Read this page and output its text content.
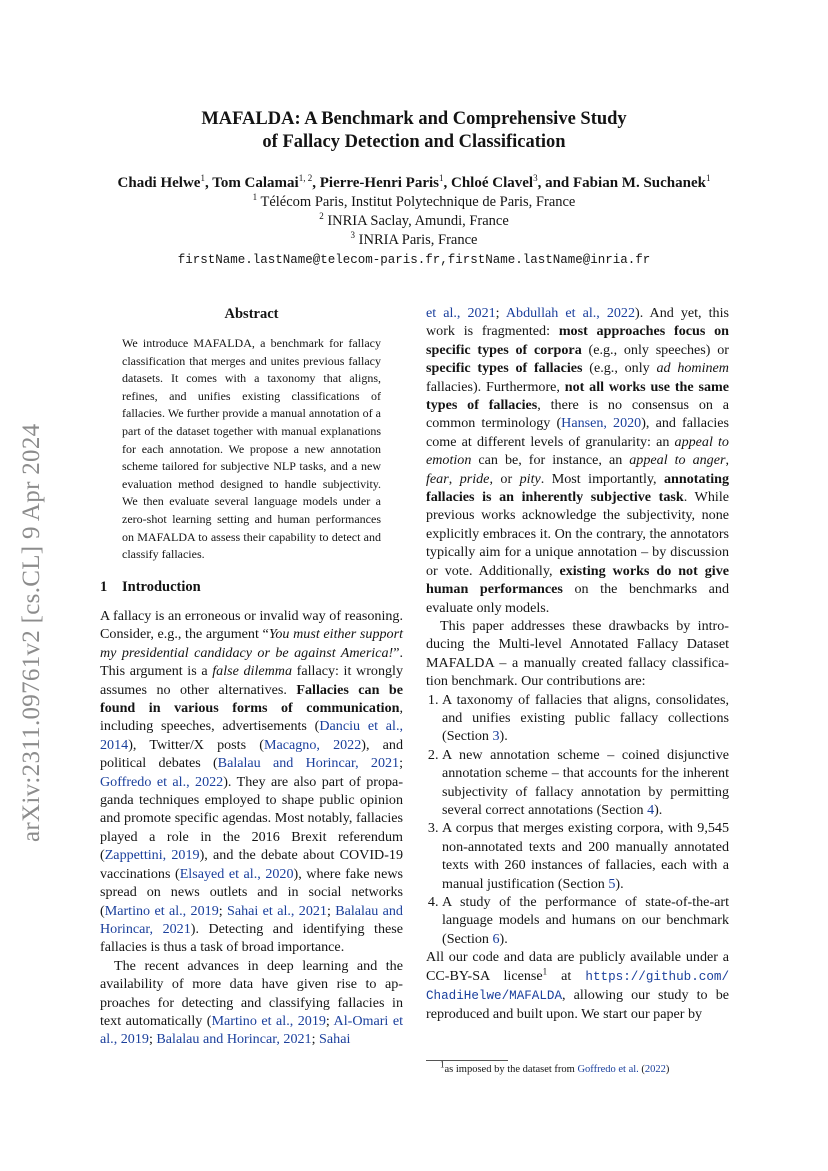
arXiv:2311.09761v2 [cs.CL] 9 Apr 2024
MAFALDA: A Benchmark and Comprehensive Study
of Fallacy Detection and Classification
Chadi Helwe$^1$, Tom Calamai$^{1, 2}$, Pierre-Henri Paris$^1$, Chloé Clavel$^3$, and Fabian M. Suchanek$^1$
$^1$ Télécom Paris, Institut Polytechnique de Paris, France
$^2$ INRIA Saclay, Amundi, France
$^3$ INRIA Paris, France
firstName.lastName@telecom-paris.fr,firstName.lastName@inria.fr
Abstract
We introduce MAFALDA, a benchmark for fallacy classification that merges and unites previous fallacy datasets. It comes with a taxonomy that aligns, refines, and unifies existing classifications of fallacies. We further provide a manual annotation of a part of the dataset together with manual explanations for each annotation. We propose a new annotation scheme tailored for subjective NLP tasks, and a new evaluation method designed to handle subjectivity. We then evaluate several language models under a zero-shot learning setting and human performances on MAFALDA to assess their capability to detect and classify fallacies.
1 Introduction

A fallacy is an erroneous or invalid way of reasoning. Consider, e.g., the argument “You must either support my presidential candidacy or be against America!”. This argument is a false dilemma fallacy: it wrongly assumes no other alternatives. Fallacies can be found in various forms of communication, including speeches, advertisements (Danciu et al., 2014), Twitter/X posts (Macagno, 2022), and political debates (Balalau and Horincar, 2021; Goffredo et al., 2022). They are also part of propaganda techniques employed to shape public opinion and promote specific agendas. Most notably, fallacies played a role in the 2016 Brexit referendum (Zappettini, 2019), and the debate about COVID-19 vaccinations (Elsayed et al., 2020), where fake news spread on news outlets and in social networks (Martino et al., 2019; Sahai et al., 2021; Balalau and Horincar, 2021). Detecting and identifying these fallacies is thus a task of broad importance.

The recent advances in deep learning and the availability of more data have given rise to approaches for detecting and classifying fallacies in text automatically (Martino et al., 2019; Al-Omari et al., 2019; Balalau and Horincar, 2021; Sahai

et al., 2021; Abdullah et al., 2022). And yet, this work is fragmented: most approaches focus on specific types of corpora (e.g., only speeches) or specific types of fallacies (e.g., only ad hominem fallacies). Furthermore, not all works use the same types of fallacies, there is no consensus on a common terminology (Hansen, 2020), and fallacies come at different levels of granularity: an appeal to emotion can be, for instance, an appeal to anger, fear, pride, or pity. Most importantly, annotating fallacies is an inherently subjective task. While previous works acknowledge the subjectivity, none explicitly embraces it. On the contrary, the annotators typically aim for a unique annotation – by discussion or vote. Additionally, existing works do not give human performances on the benchmarks and evaluate only models.

This paper addresses these drawbacks by introducing the Multi-level Annotated Fallacy Dataset MAFALDA – a manually created fallacy classification benchmark. Our contributions are:

1. A taxonomy of fallacies that aligns, consolidates, and unifies existing public fallacy collections (Section 3).
2. A new annotation scheme – coined disjunctive annotation scheme – that accounts for the inherent subjectivity of fallacy annotation by permitting several correct annotations (Section 4).
3. A corpus that merges existing corpora, with 9,545 non-annotated texts and 200 manually annotated texts with 260 instances of fallacies, each with a manual justification (Section 5).
4. A study of the performance of state-of-the-art language models and humans on our benchmark (Section 6).

All our code and data are publicly available under a CC-BY-SA license$^1$ at https://github.com/ ChadiHelwe/MAFALDA, allowing our study to be reproduced and built upon. We start our paper by

$^1$as imposed by the dataset from Goffredo et al. (2022)
